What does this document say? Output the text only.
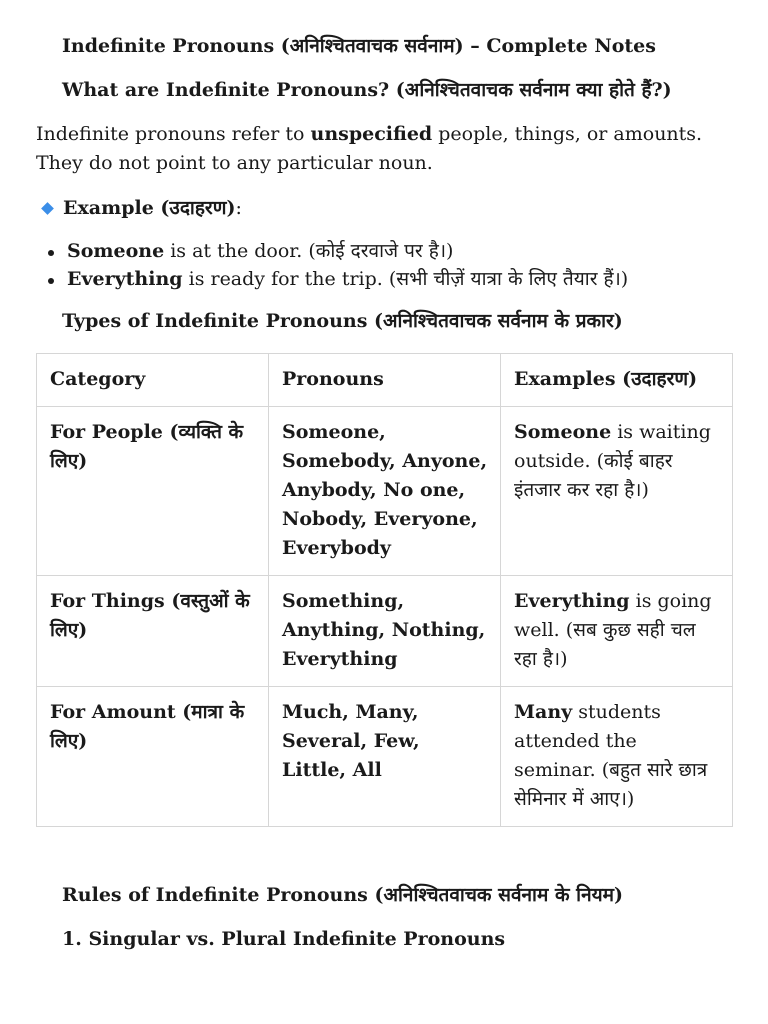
Indefinite Pronouns (अनिश्चितवाचक सर्वनाम) – Complete Notes
What are Indefinite Pronouns? (अनिश्चितवाचक सर्वनाम क्या होते हैं?)

Indefinite pronouns refer to unspecified people, things, or amounts. They do not point to any particular noun.

Example (उदाहरण):

Someone is at the door. (कोई दरवाजे पर है।)
Everything is ready for the trip. (सभी चीज़ें यात्रा के लिए तैयार हैं।)
Types of Indefinite Pronouns (अनिश्चितवाचक सर्वनाम के प्रकार)
Category	Pronouns	Examples (उदाहरण)
For People (व्यक्ति के लिए)	Someone, Somebody, Anyone, Anybody, No one, Nobody, Everyone, Everybody	Someone is waiting outside. (कोई बाहर इंतजार कर रहा है।)
For Things (वस्तुओं के लिए)	Something, Anything, Nothing, Everything	Everything is going well. (सब कुछ सही चल रहा है।)
For Amount (मात्रा के लिए)	Much, Many, Several, Few, Little, All	Many students attended the seminar. (बहुत सारे छात्र सेमिनार में आए।)
Rules of Indefinite Pronouns (अनिश्चितवाचक सर्वनाम के नियम)
1. Singular vs. Plural Indefinite Pronouns
